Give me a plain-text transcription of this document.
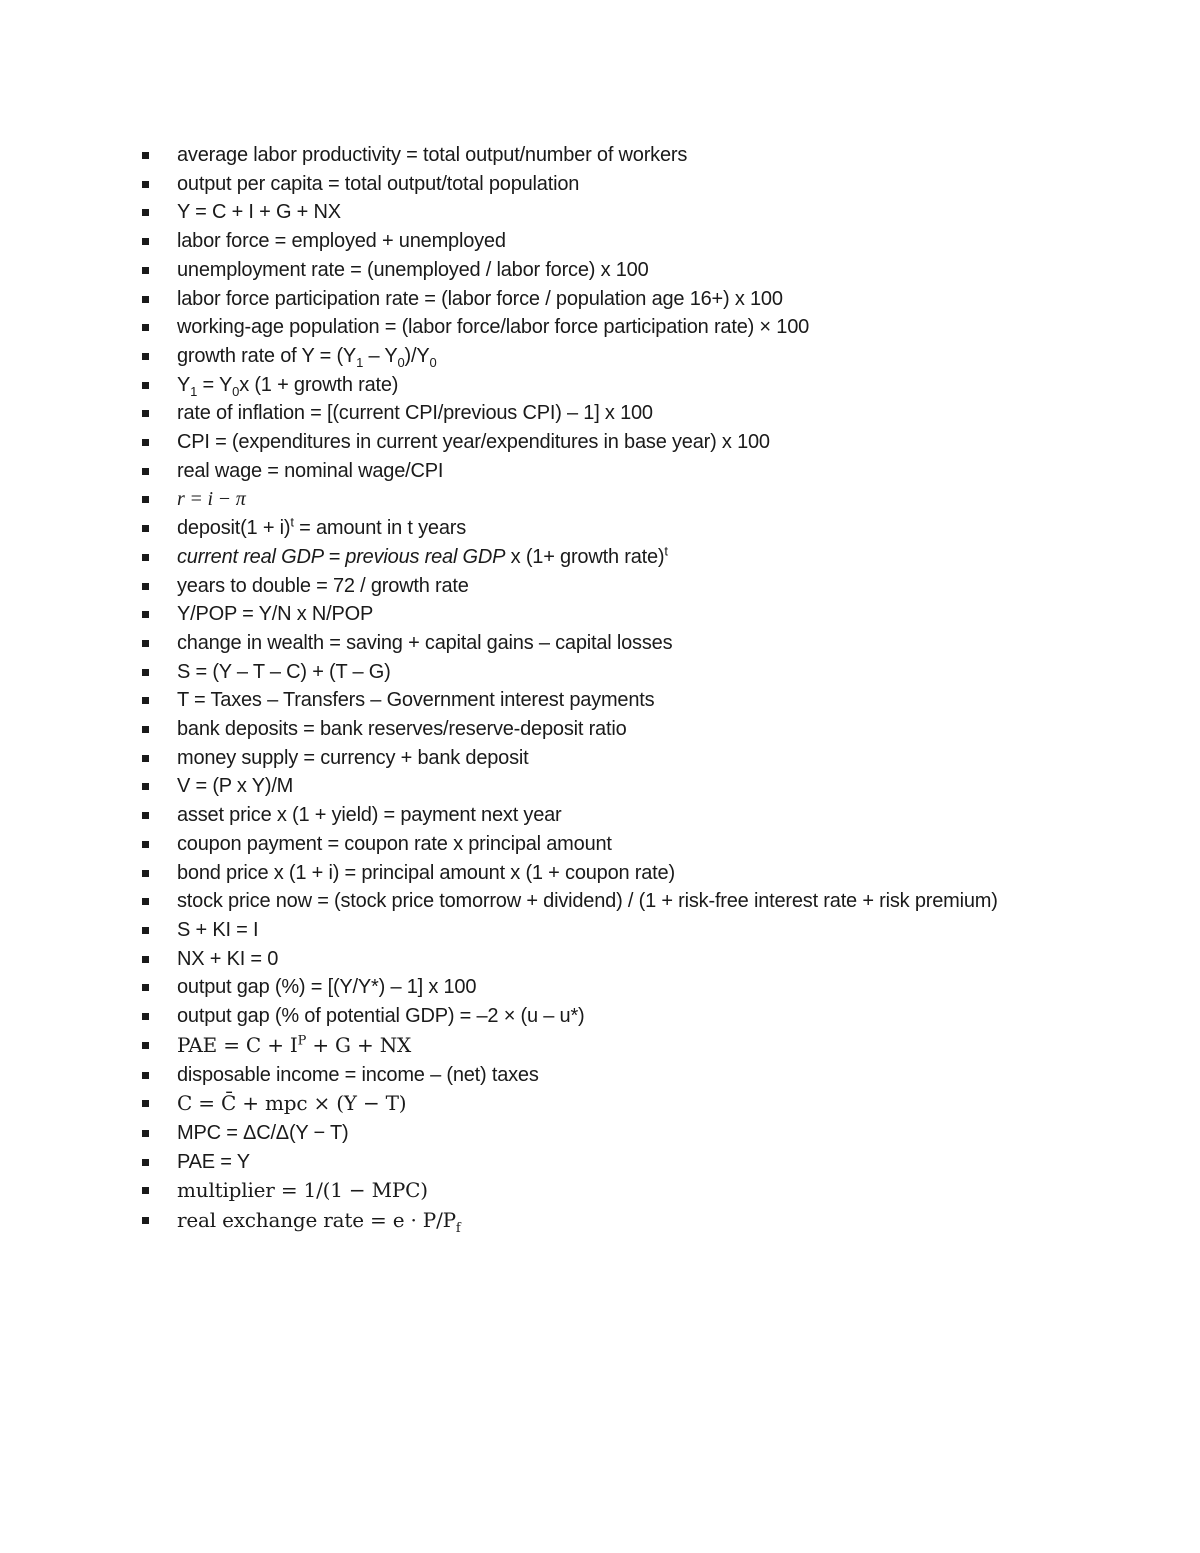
average labor productivity = total output/number of workers
output per capita = total output/total population
Y = C + I + G + NX
labor force = employed + unemployed
unemployment rate = (unemployed / labor force) x 100
labor force participation rate = (labor force / population age 16+) x 100
working-age population = (labor force/labor force participation rate) × 100
growth rate of $Y = (Y_1 - Y_0)/Y_0$
$Y_1 = Y_0x$ (1 + growth rate)
rate of inflation = [(current CPI/previous CPI) – 1] x 100
CPI = (expenditures in current year/expenditures in base year) x 100
real wage = nominal wage/CPI
r = i − π
deposit(1 + i)$^t$ = amount in t years
current real GDP = previous real GDP x (1+ growth rate)$^t$
years to double = 72 / growth rate
Y/POP = Y/N x N/POP
change in wealth = saving + capital gains – capital losses
S = (Y – T – C) + (T – G)
T = Taxes – Transfers – Government interest payments
bank deposits = bank reserves/reserve-deposit ratio
money supply = currency + bank deposit
V = (P x Y)/M
asset price x (1 + yield) = payment next year
coupon payment = coupon rate x principal amount
bond price x (1 + i) = principal amount x (1 + coupon rate)
stock price now = (stock price tomorrow + dividend) / (1 + risk-free interest rate + risk premium)
S + KI = I
NX + KI = 0
output gap (%) = [(Y/Y*) – 1] x 100
output gap (% of potential GDP) = –2 × (u – u*)
PAE = $C + I^P + G$ + NX
disposable income = income – (net) taxes
C = C̄ + mpc × (Y − T)
MPC = ΔC/Δ(Y − T)
PAE = Y
multiplier = 1/(1 − MPC)
real exchange rate = $e \cdot P/P_f$
